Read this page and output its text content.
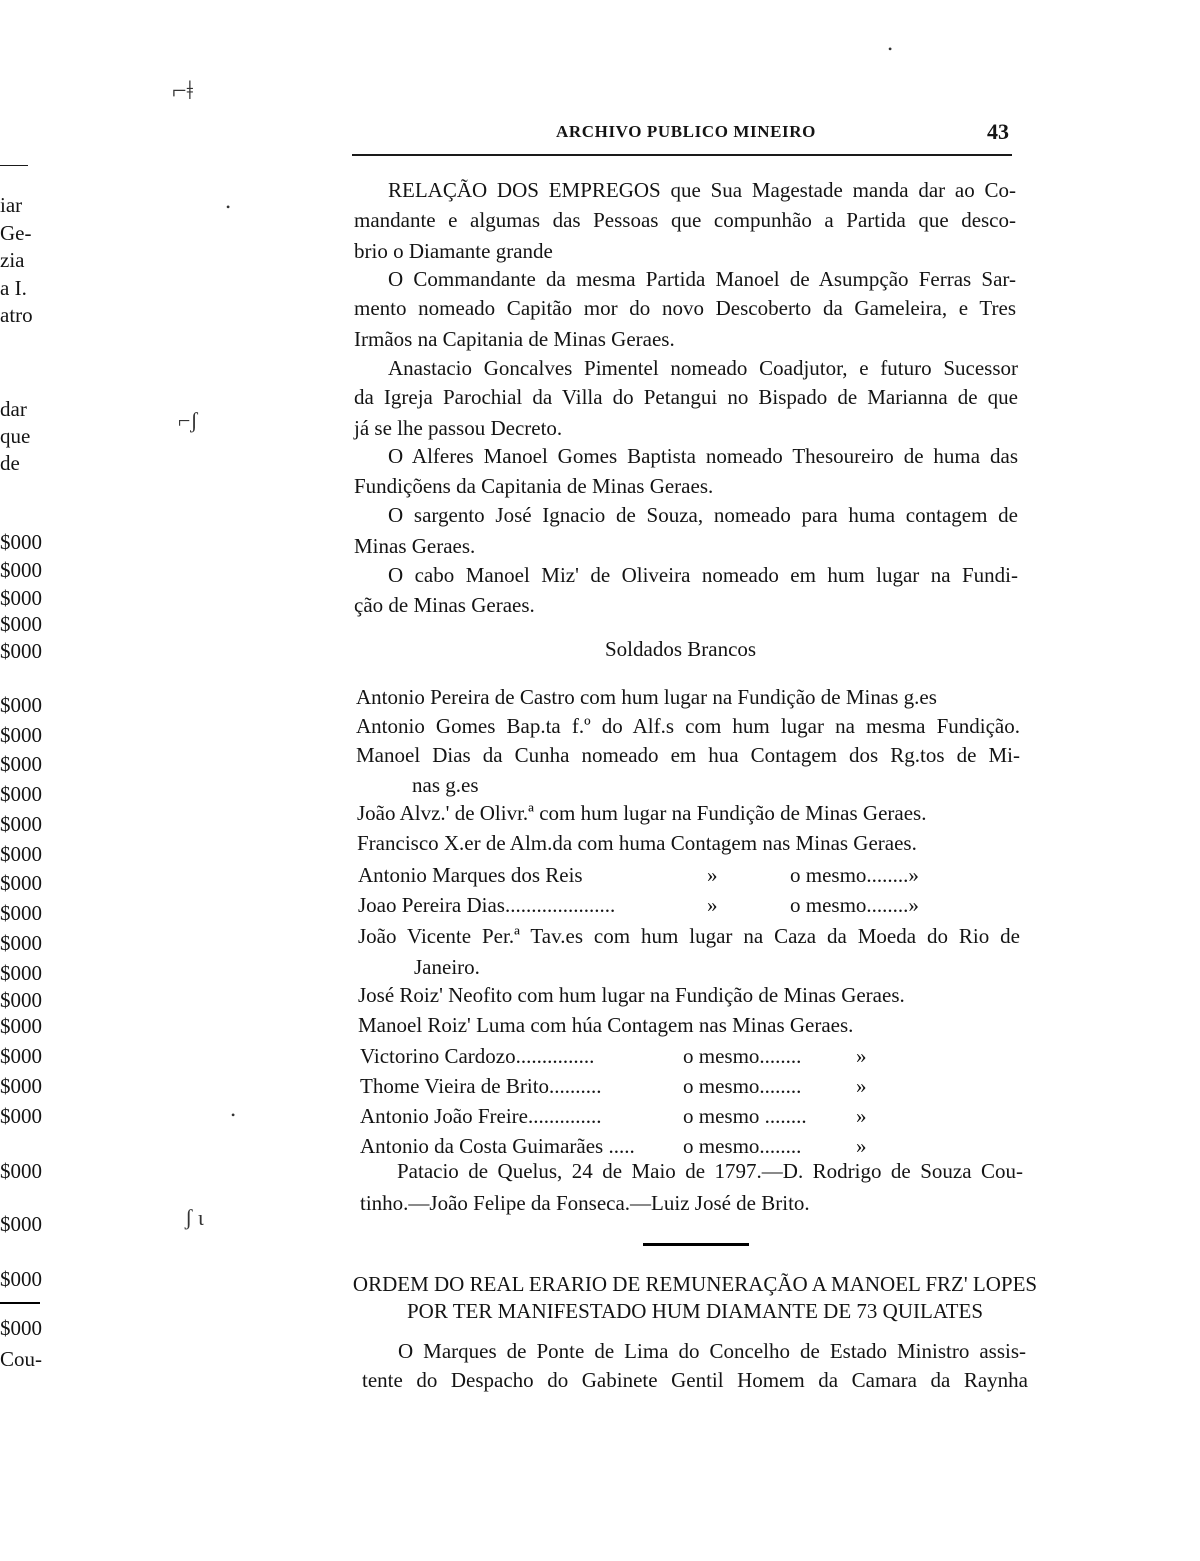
iar
Ge-
zia
a I.
atro
dar
que
de
$000
$000
$000
$000
$000
$000
$000
$000
$000
$000
$000
$000
$000
$000
$000
$000
$000
$000
$000
$000
$000
$000
$000
$000
Cou-
⌐ǂ
⌐ʃ
ʃ ɩ
•
•
•
ARCHIVO PUBLICO MINEIRO	43
RELAÇÃO DOS EMPREGOS que Sua Magestade manda dar ao Co-
mandante e algumas das Pessoas que compunhão a Partida que desco-
brio o Diamante grande
O Commandante da mesma Partida Manoel de Asumpção Ferras Sar-
mento nomeado Capitão mor do novo Descoberto da Gameleira, e Tres
Irmãos na Capitania de Minas Geraes.
Anastacio Goncalves Pimentel nomeado Coadjutor, e futuro Sucessor
da Igreja Parochial da Villa do Petangui no Bispado de Marianna de que
já se lhe passou Decreto.
O Alferes Manoel Gomes Baptista nomeado Thesoureiro de huma das
Fundiçõens da Capitania de Minas Geraes.
O sargento José Ignacio de Souza, nomeado para huma contagem de
Minas Geraes.
O cabo Manoel Miz' de Oliveira nomeado em hum lugar na Fundi-
ção de Minas Geraes.
Soldados Brancos
Antonio Pereira de Castro com hum lugar na Fundição de Minas g.es
Antonio Gomes Bap.ta f.º do Alf.s com hum lugar na mesma Fundição.
Manoel Dias da Cunha nomeado em hua Contagem dos Rg.tos de Mi-
nas g.es
João Alvz.' de Olivr.ª com hum lugar na Fundição de Minas Geraes.
Francisco X.er de Alm.da com huma Contagem nas Minas Geraes.
Antonio Marques dos Reis	»	o mesmo........»
Joao Pereira Dias.....................	»	o mesmo........»
João Vicente Per.ª Tav.es com hum lugar na Caza da Moeda do Rio de
Janeiro.
José Roiz' Neofito com hum lugar na Fundição de Minas Geraes.
Manoel Roiz' Luma com húa Contagem nas Minas Geraes.
Victorino Cardozo...............	o mesmo........	»
Thome Vieira de Brito..........	o mesmo........	»
Antonio João Freire..............	o mesmo ........ »
Antonio da Costa Guimarães ..... o mesmo........	»
Patacio de Quelus, 24 de Maio de 1797.—D. Rodrigo de Souza Cou-
tinho.—João Felipe da Fonseca.—Luiz José de Brito.
ORDEM DO REAL ERARIO DE REMUNERAÇÃO A MANOEL FRZ' LOPES
POR TER MANIFESTADO HUM DIAMANTE DE 73 QUILATES
O Marques de Ponte de Lima do Concelho de Estado Ministro assis-
tente do Despacho do Gabinete Gentil Homem da Camara da Raynha
